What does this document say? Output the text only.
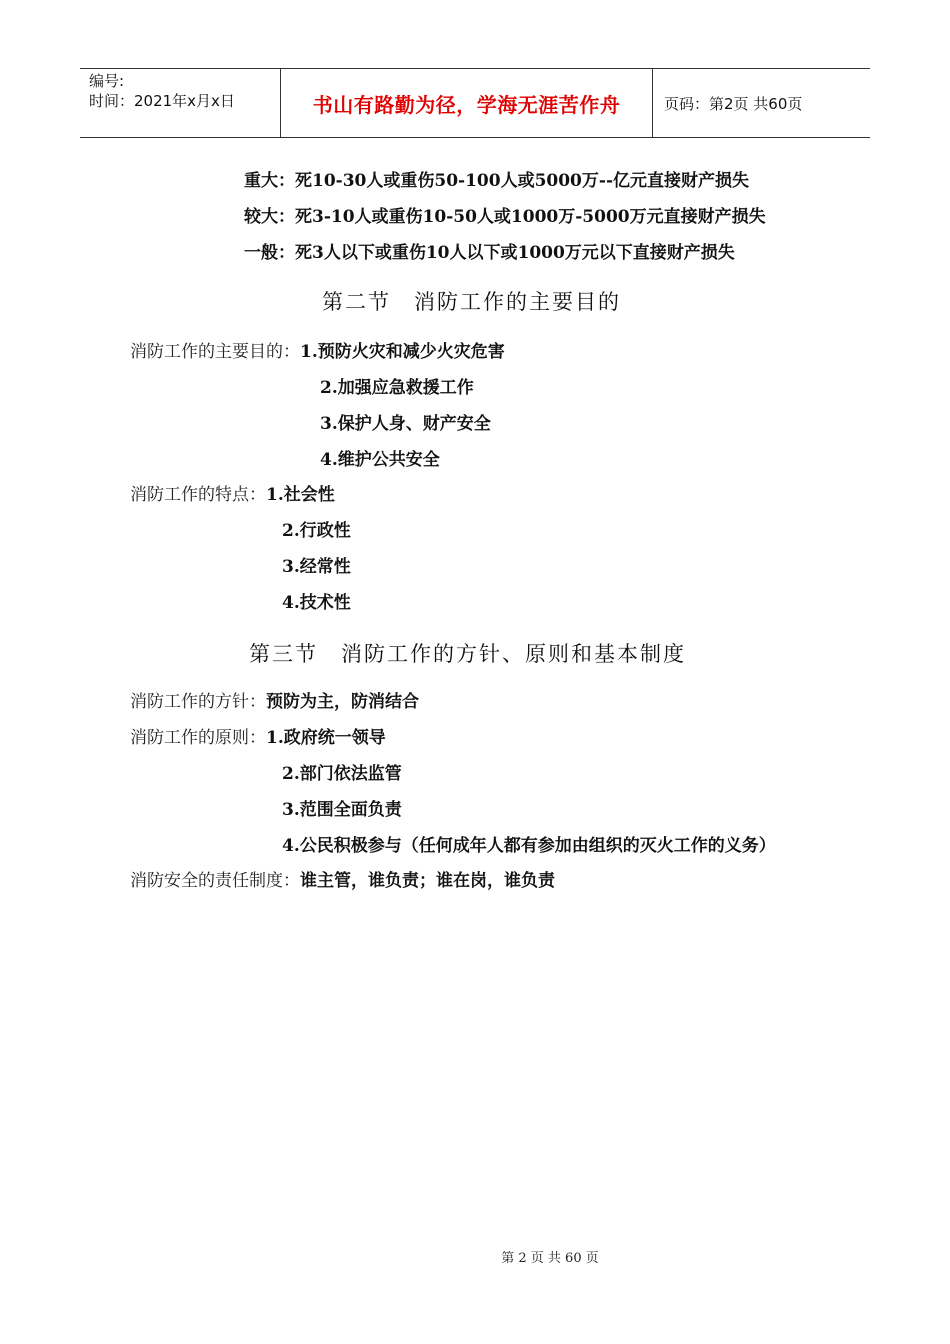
编号:
时间：2021年x月x日	书山有路勤为径，学海无涯苦作舟	页码：第2页 共60页
重大：死10-30人或重伤50-100人或5000万--亿元直接财产损失
较大：死3-10人或重伤10-50人或1000万-5000万元直接财产损失
一般：死3人以下或重伤10人以下或1000万元以下直接财产损失
第二节　消防工作的主要目的
消防工作的主要目的：1.预防火灾和减少火灾危害
2.加强应急救援工作
3.保护人身、财产安全
4.维护公共安全
消防工作的特点：1.社会性
2.行政性
3.经常性
4.技术性
第三节　消防工作的方针、原则和基本制度
消防工作的方针：预防为主，防消结合
消防工作的原则：1.政府统一领导
2.部门依法监管
3.范围全面负责
4.公民积极参与（任何成年人都有参加由组织的灭火工作的义务）
消防安全的责任制度：谁主管，谁负责；谁在岗，谁负责
第 2 页 共 60 页
